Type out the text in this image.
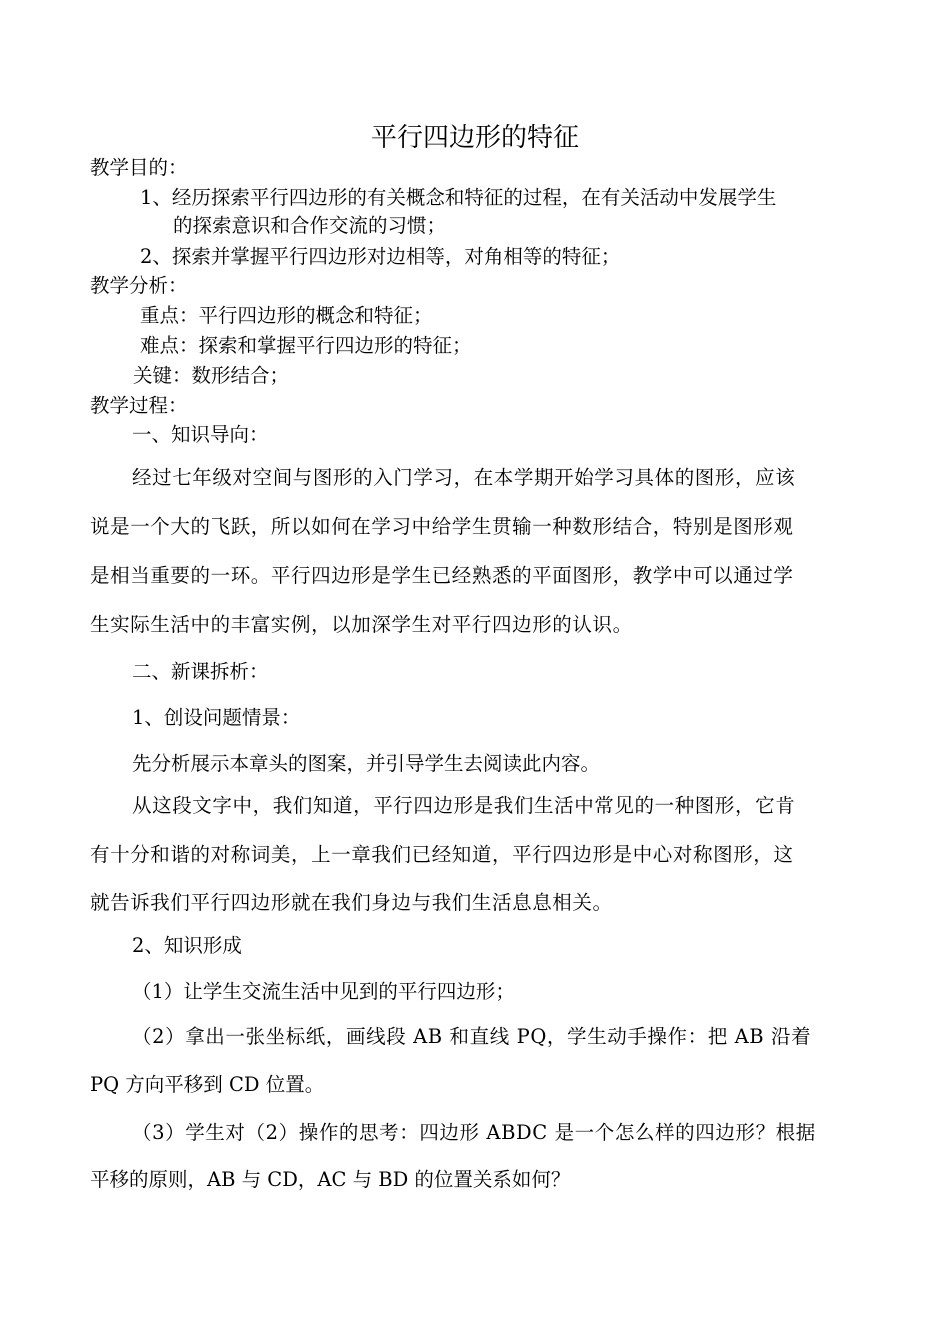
平行四边形的特征
教学目的：
1、经历探索平行四边形的有关概念和特征的过程，在有关活动中发展学生
的探索意识和合作交流的习惯；
2、探索并掌握平行四边形对边相等，对角相等的特征；
教学分析：
重点：平行四边形的概念和特征；
难点：探索和掌握平行四边形的特征；
关键：数形结合；
教学过程：
一、知识导向：
经过七年级对空间与图形的入门学习，在本学期开始学习具体的图形，应该
说是一个大的飞跃，所以如何在学习中给学生贯输一种数形结合，特别是图形观
是相当重要的一环。平行四边形是学生已经熟悉的平面图形，教学中可以通过学
生实际生活中的丰富实例，以加深学生对平行四边形的认识。
二、新课拆析：
1、创设问题情景：
先分析展示本章头的图案，并引导学生去阅读此内容。
从这段文字中，我们知道，平行四边形是我们生活中常见的一种图形，它肯
有十分和谐的对称词美，上一章我们已经知道，平行四边形是中心对称图形，这
就告诉我们平行四边形就在我们身边与我们生活息息相关。
2、知识形成
（1）让学生交流生活中见到的平行四边形；
（2）拿出一张坐标纸，画线段 AB 和直线 PQ，学生动手操作：把 AB 沿着
PQ 方向平移到 CD 位置。
（3）学生对（2）操作的思考：四边形 ABDC 是一个怎么样的四边形？根据
平移的原则，AB 与 CD，AC 与 BD 的位置关系如何？
